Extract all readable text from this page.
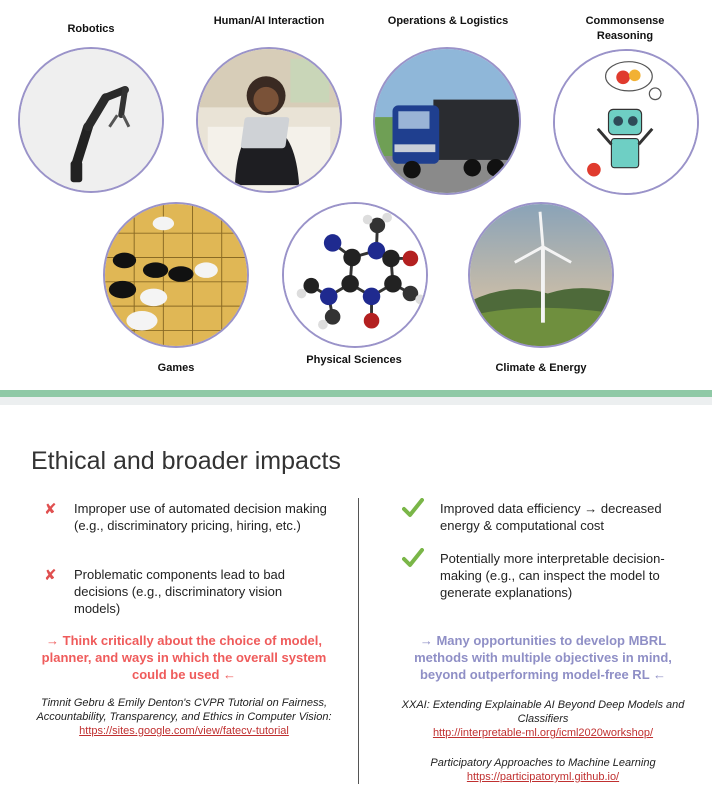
Robotics
Human/AI Interaction	Operations & Logistics	Commonsense Reasoning
Games
Physical Sciences
Climate & Energy
Ethical and broader impacts
✘ Improper use of automated decision making (e.g., discriminatory pricing, hiring, etc.)
✘ Problematic components lead to bad decisions (e.g., discriminatory vision models)
→ Think critically about the choice of model, planner, and ways in which the overall system could be used ←
Timnit Gebru & Emily Denton's CVPR Tutorial on Fairness, Accountability, Transparency, and Ethics in Computer Vision:
https://sites.google.com/view/fatecv-tutorial
Improved data efficiency → decreased energy & computational cost
Potentially more interpretable decision-making (e.g., can inspect the model to generate explanations)
→ Many opportunities to develop MBRL methods with multiple objectives in mind, beyond outperforming model-free RL ←
XXAI: Extending Explainable AI Beyond Deep Models and Classifiers
http://interpretable-ml.org/icml2020workshop/
Participatory Approaches to Machine Learning
https://participatoryml.github.io/
